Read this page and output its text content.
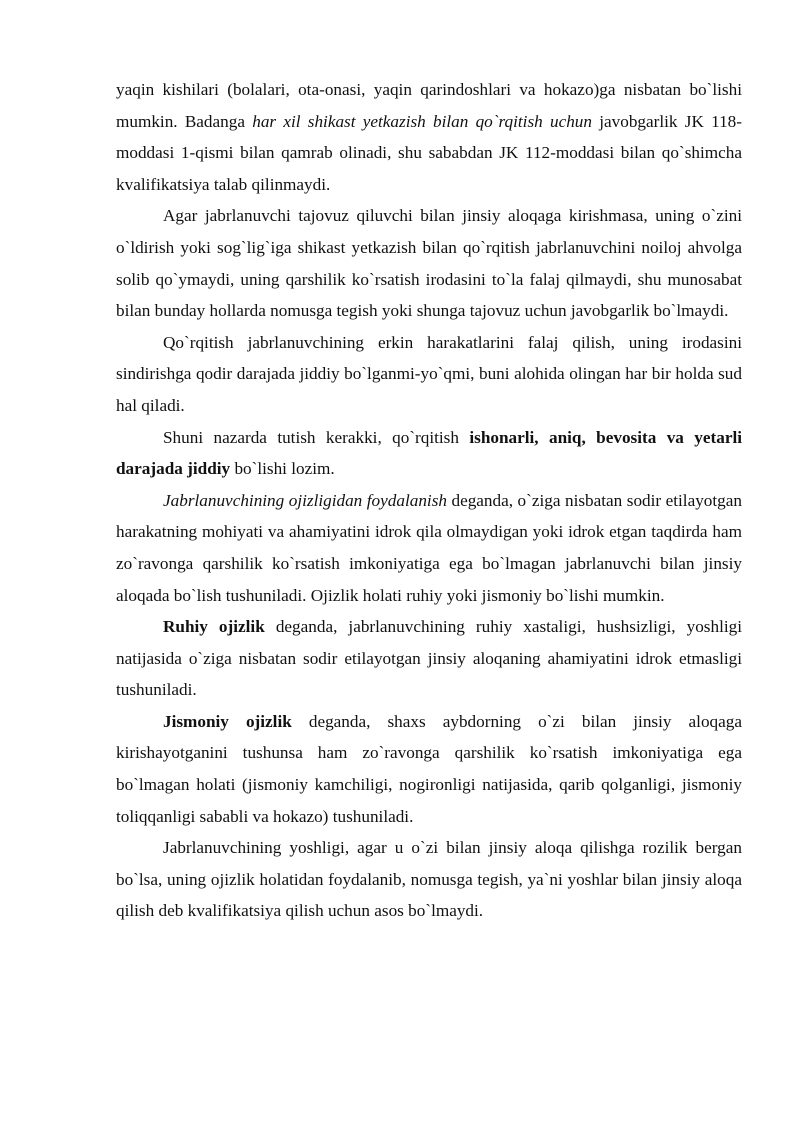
yaqin kishilari (bolalari, ota-onasi, yaqin qarindoshlari va hokazo)ga nisbatan bo`lishi mumkin. Badanga har xil shikast yetkazish bilan qo`rqitish uchun javobgarlik JK 118-moddasi 1-qismi bilan qamrab olinadi, shu sababdan JK 112-moddasi bilan qo`shimcha kvalifikatsiya talab qilinmaydi.

Agar jabrlanuvchi tajovuz qiluvchi bilan jinsiy aloqaga kirishmasa, uning o`zini o`ldirish yoki sog`lig`iga shikast yetkazish bilan qo`rqitish jabrlanuvchini noiloj ahvolga solib qo`ymaydi, uning qarshilik ko`rsatish irodasini to`la falaj qilmaydi, shu munosabat bilan bunday hollarda nomusga tegish yoki shunga tajovuz uchun javobgarlik bo`lmaydi.

Qo`rqitish jabrlanuvchining erkin harakatlarini falaj qilish, uning irodasini sindirishga qodir darajada jiddiy bo`lganmi-yo`qmi, buni alohida olingan har bir holda sud hal qiladi.

Shuni nazarda tutish kerakki, qo`rqitish ishonarli, aniq, bevosita va yetarli darajada jiddiy bo`lishi lozim.

Jabrlanuvchining ojizligidan foydalanish deganda, o`ziga nisbatan sodir etilayotgan harakatning mohiyati va ahamiyatini idrok qila olmaydigan yoki idrok etgan taqdirda ham zo`ravonga qarshilik ko`rsatish imkoniyatiga ega bo`lmagan jabrlanuvchi bilan jinsiy aloqada bo`lish tushuniladi. Ojizlik holati ruhiy yoki jismoniy bo`lishi mumkin.

Ruhiy ojizlik deganda, jabrlanuvchining ruhiy xastaligi, hushsizligi, yoshligi natijasida o`ziga nisbatan sodir etilayotgan jinsiy aloqaning ahamiyatini idrok etmasligi tushuniladi.

Jismoniy ojizlik deganda, shaxs aybdorning o`zi bilan jinsiy aloqaga kirishayotganini tushunsa ham zo`ravonga qarshilik ko`rsatish imkoniyatiga ega bo`lmagan holati (jismoniy kamchiligi, nogironligi natijasida, qarib qolganligi, jismoniy toliqqanligi sababli va hokazo) tushuniladi.

Jabrlanuvchining yoshligi, agar u o`zi bilan jinsiy aloqa qilishga rozilik bergan bo`lsa, uning ojizlik holatidan foydalanib, nomusga tegish, ya`ni yoshlar bilan jinsiy aloqa qilish deb kvalifikatsiya qilish uchun asos bo`lmaydi.
